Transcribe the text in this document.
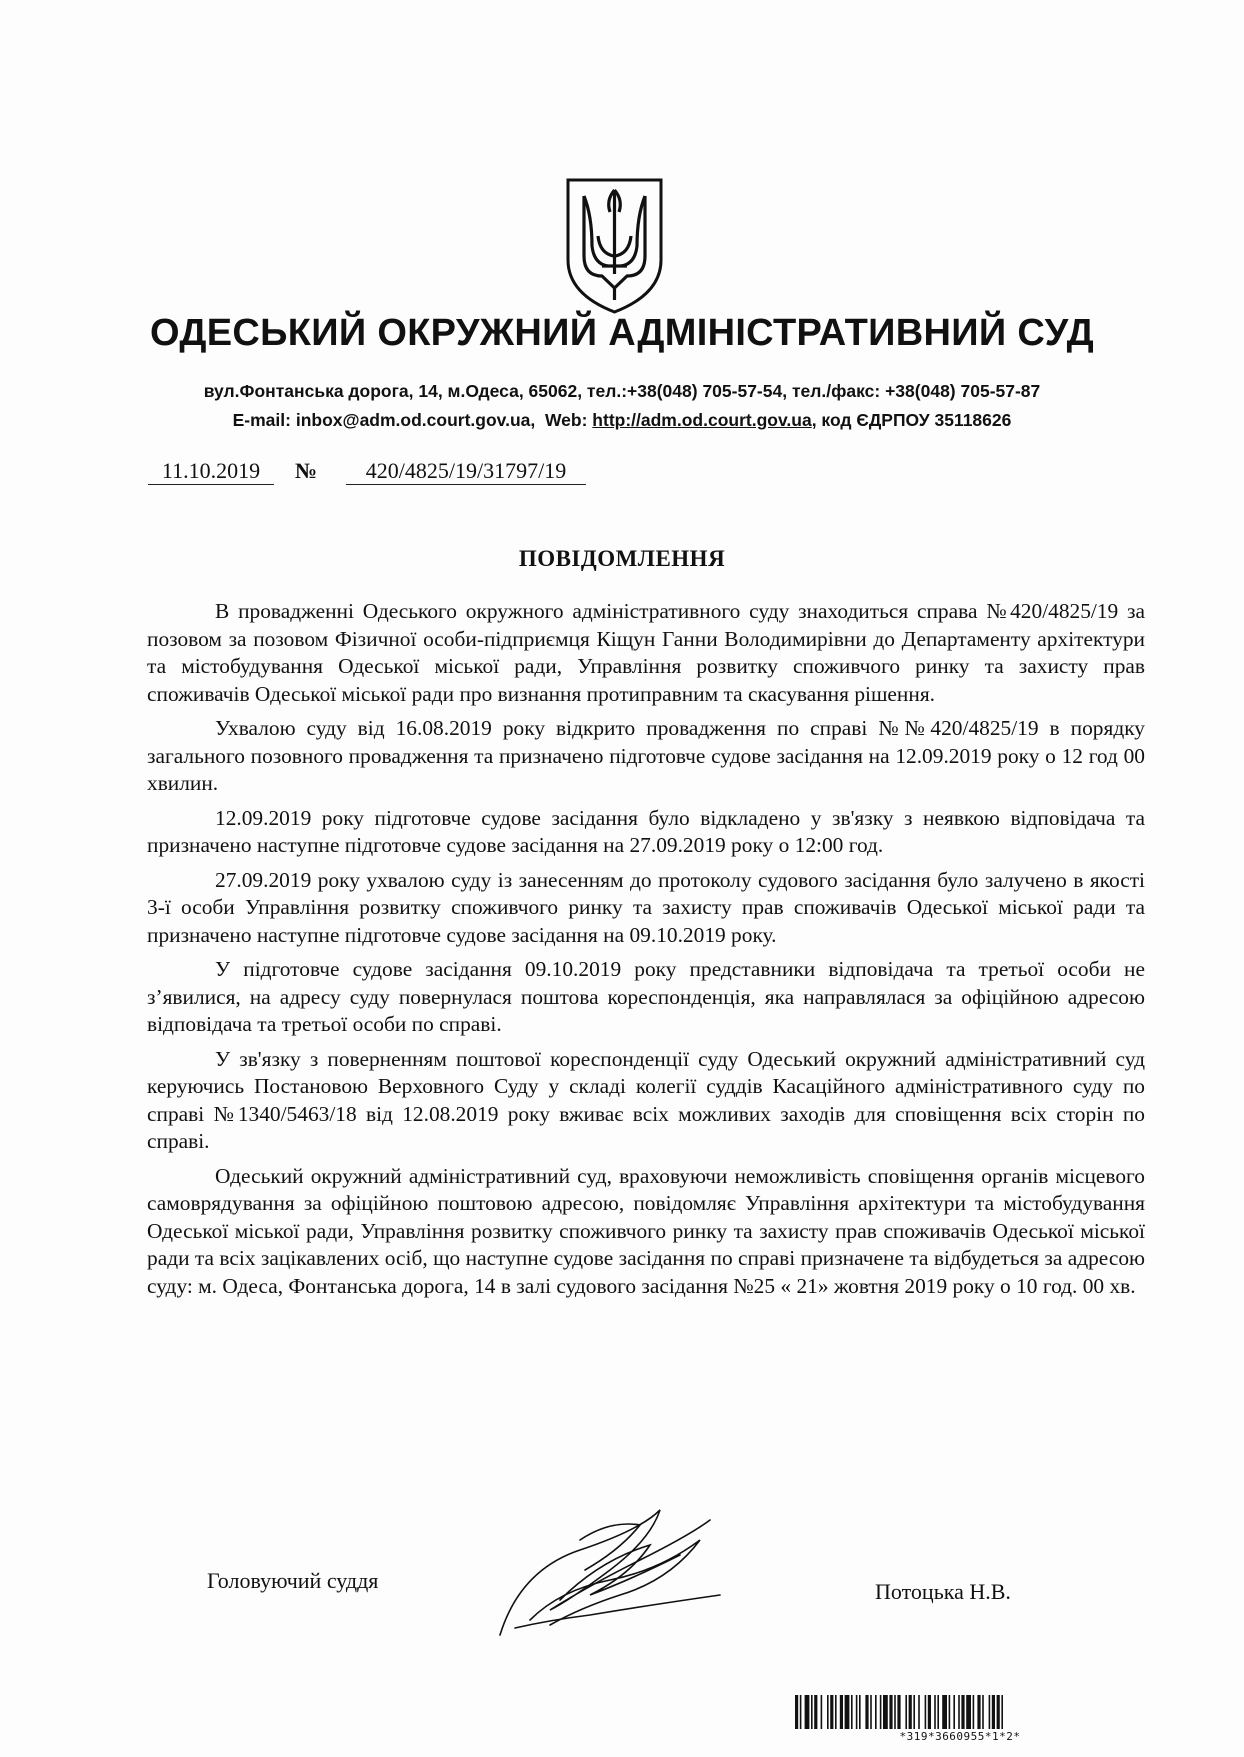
ОДЕСЬКИЙ ОКРУЖНИЙ АДМІНІСТРАТИВНИЙ СУД
вул.Фонтанська дорога, 14, м.Одеса, 65062, тел.:+38(048) 705-57-54, тел./факс: +38(048) 705-57-87
E-mail: inbox@adm.od.court.gov.ua, Web: http://adm.od.court.gov.ua, код ЄДРПОУ 35118626
11.10.2019	№	420/4825/19/31797/19
ПОВІДОМЛЕННЯ

В провадженні Одеського окружного адміністративного суду знаходиться справа №420/4825/19 за позовом за позовом Фізичної особи-підприємця Кіщун Ганни Володимирівни до Департаменту архітектури та містобудування Одеської міської ради, Управління розвитку споживчого ринку та захисту прав споживачів Одеської міської ради про визнання протиправним та скасування рішення.

Ухвалою суду від 16.08.2019 року відкрито провадження по справі №№420/4825/19 в порядку загального позовного провадження та призначено підготовче судове засідання на 12.09.2019 року о 12 год 00 хвилин.

12.09.2019 року підготовче судове засідання було відкладено у зв'язку з неявкою відповідача та призначено наступне підготовче судове засідання на 27.09.2019 року о 12:00 год.

27.09.2019 року ухвалою суду із занесенням до протоколу судового засідання було залучено в якості 3-ї особи Управління розвитку споживчого ринку та захисту прав споживачів Одеської міської ради та призначено наступне підготовче судове засідання на 09.10.2019 року.

У підготовче судове засідання 09.10.2019 року представники відповідача та третьої особи не з’явилися, на адресу суду повернулася поштова кореспонденція, яка направлялася за офіційною адресою відповідача та третьої особи по справі.

У зв'язку з поверненням поштової кореспонденції суду Одеський окружний адміністративний суд керуючись Постановою Верховного Суду у складі колегії суддів Касаційного адміністративного суду по справі №1340/5463/18 від 12.08.2019 року вживає всіх можливих заходів для сповіщення всіх сторін по справі.

Одеський окружний адміністративний суд, враховуючи неможливість сповіщення органів місцевого самоврядування за офіційною поштовою адресою, повідомляє Управління архітектури та містобудування Одеської міської ради, Управління розвитку споживчого ринку та захисту прав споживачів Одеської міської ради та всіх зацікавлених осіб, що наступне судове засідання по справі призначене та відбудеться за адресою суду: м. Одеса, Фонтанська дорога, 14 в залі судового засідання №25 « 21» жовтня 2019 року о 10 год. 00 хв.

Головуючий суддя	Потоцька Н.В.
*319*3660955*1*2*
